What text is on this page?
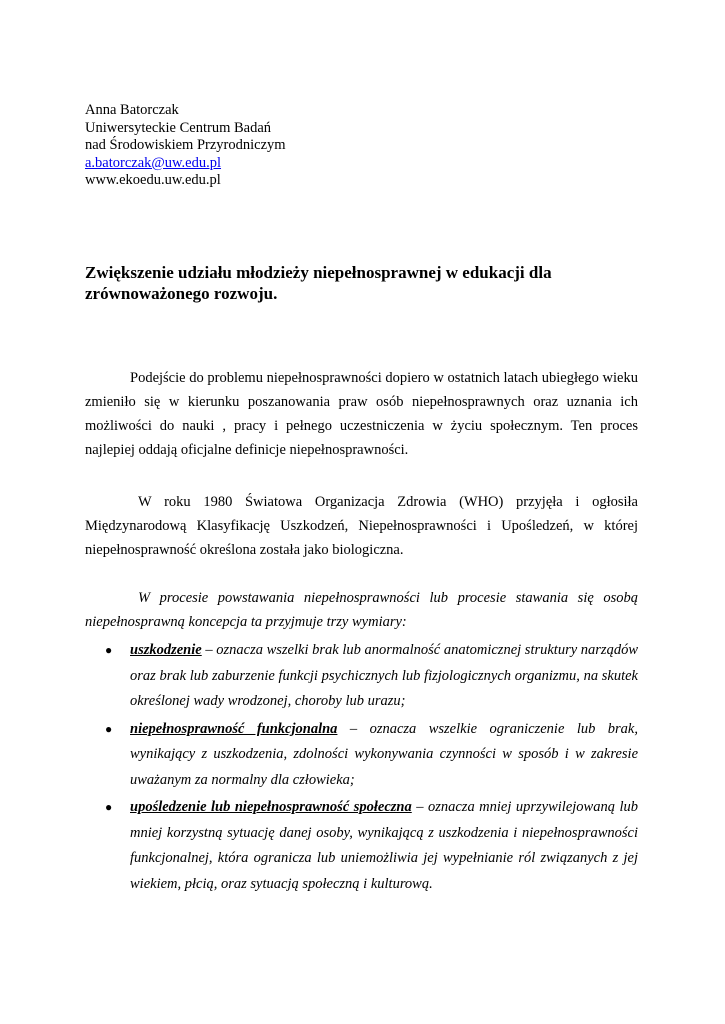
Anna Batorczak
Uniwersyteckie Centrum Badań
nad Środowiskiem Przyrodniczym
a.batorczak@uw.edu.pl
www.ekoedu.uw.edu.pl
Zwiększenie udziału młodzieży niepełnosprawnej w edukacji dla zrównoważonego rozwoju.

Podejście do problemu niepełnosprawności dopiero w ostatnich latach ubiegłego wieku zmieniło się w kierunku poszanowania praw osób niepełnosprawnych oraz uznania ich możliwości do nauki , pracy i pełnego uczestniczenia w życiu społecznym. Ten proces najlepiej oddają oficjalne definicje niepełnosprawności.

W roku 1980 Światowa Organizacja Zdrowia (WHO) przyjęła i ogłosiła Międzynarodową Klasyfikację Uszkodzeń, Niepełnosprawności i Upośledzeń, w której niepełnosprawność określona została jako biologiczna.

W procesie powstawania niepełnosprawności lub procesie stawania się osobą niepełnosprawną koncepcja ta przyjmuje trzy wymiary:

● uszkodzenie – oznacza wszelki brak lub anormalność anatomicznej struktury narządów oraz brak lub zaburzenie funkcji psychicznych lub fizjologicznych organizmu, na skutek określonej wady wrodzonej, choroby lub urazu;
● niepełnosprawność funkcjonalna – oznacza wszelkie ograniczenie lub brak, wynikający z uszkodzenia, zdolności wykonywania czynności w sposób i w zakresie uważanym za normalny dla człowieka;
● upośledzenie lub niepełnosprawność społeczna – oznacza mniej uprzywilejowaną lub mniej korzystną sytuację danej osoby, wynikającą z uszkodzenia i niepełnosprawności funkcjonalnej, która ogranicza lub uniemożliwia jej wypełnianie ról związanych z jej wiekiem, płcią, oraz sytuacją społeczną i kulturową.
